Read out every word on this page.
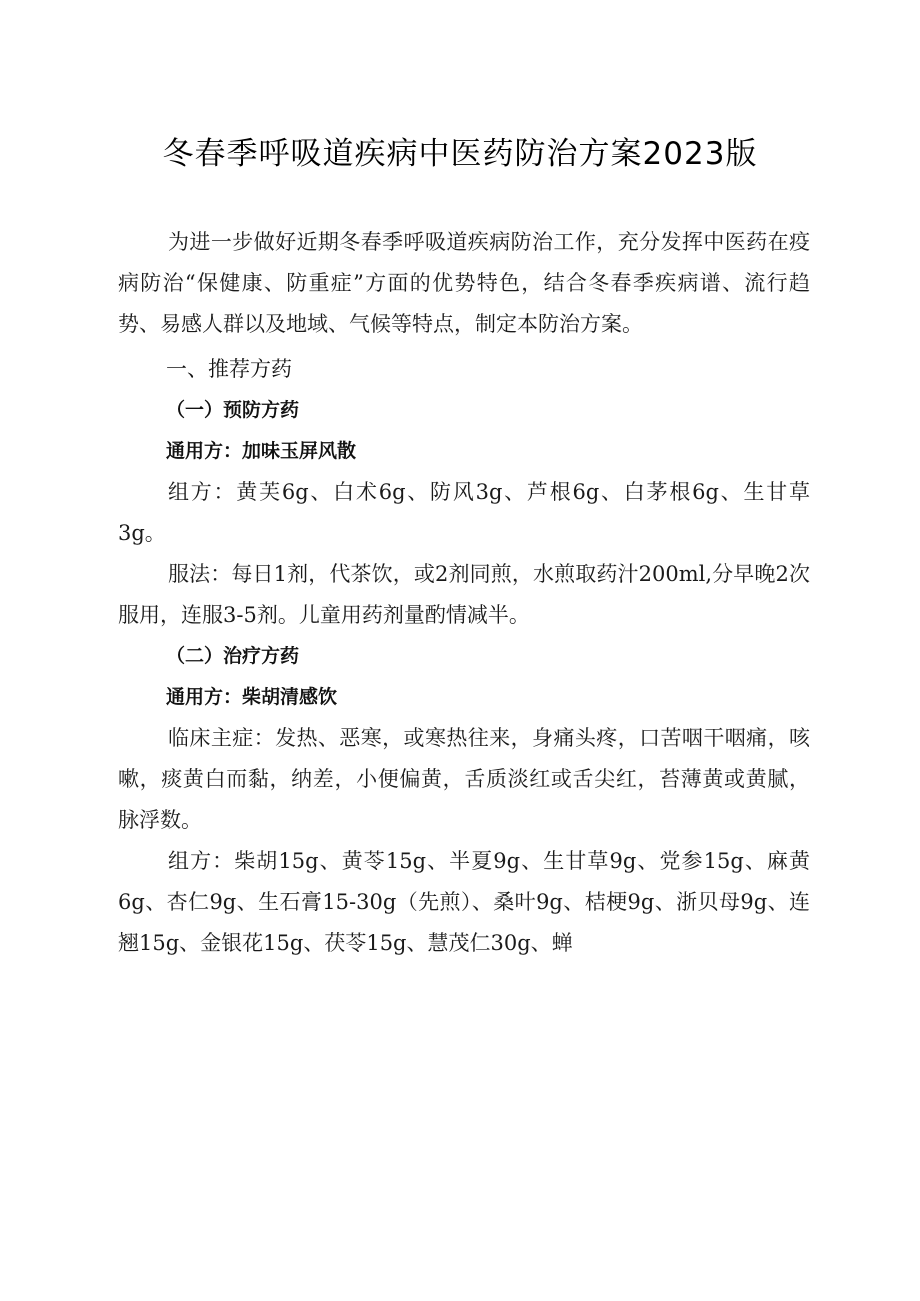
冬春季呼吸道疾病中医药防治方案2023版

为进一步做好近期冬春季呼吸道疾病防治工作，充分发挥中医药在疫病防治“保健康、防重症”方面的优势特色，结合冬春季疾病谱、流行趋势、易感人群以及地域、气候等特点，制定本防治方案。

一、推荐方药

（一）预防方药

通用方：加味玉屏风散

组方：黄芙6g、白术6g、防风3g、芦根6g、白茅根6g、生甘草3g。

服法：每日1剂，代茶饮，或2剂同煎，水煎取药汁200ml,分早晚2次服用，连服3-5剂。儿童用药剂量酌情减半。

（二）治疗方药

通用方：柴胡清感饮

临床主症：发热、恶寒，或寒热往来，身痛头疼，口苦咽干咽痛，咳嗽，痰黄白而黏，纳差，小便偏黄，舌质淡红或舌尖红，苔薄黄或黄腻，脉浮数。

组方：柴胡15g、黄苓15g、半夏9g、生甘草9g、党参15g、麻黄6g、杏仁9g、生石膏15-30g（先煎）、桑叶9g、桔梗9g、浙贝母9g、连翘15g、金银花15g、茯苓15g、慧茂仁30g、蝉
